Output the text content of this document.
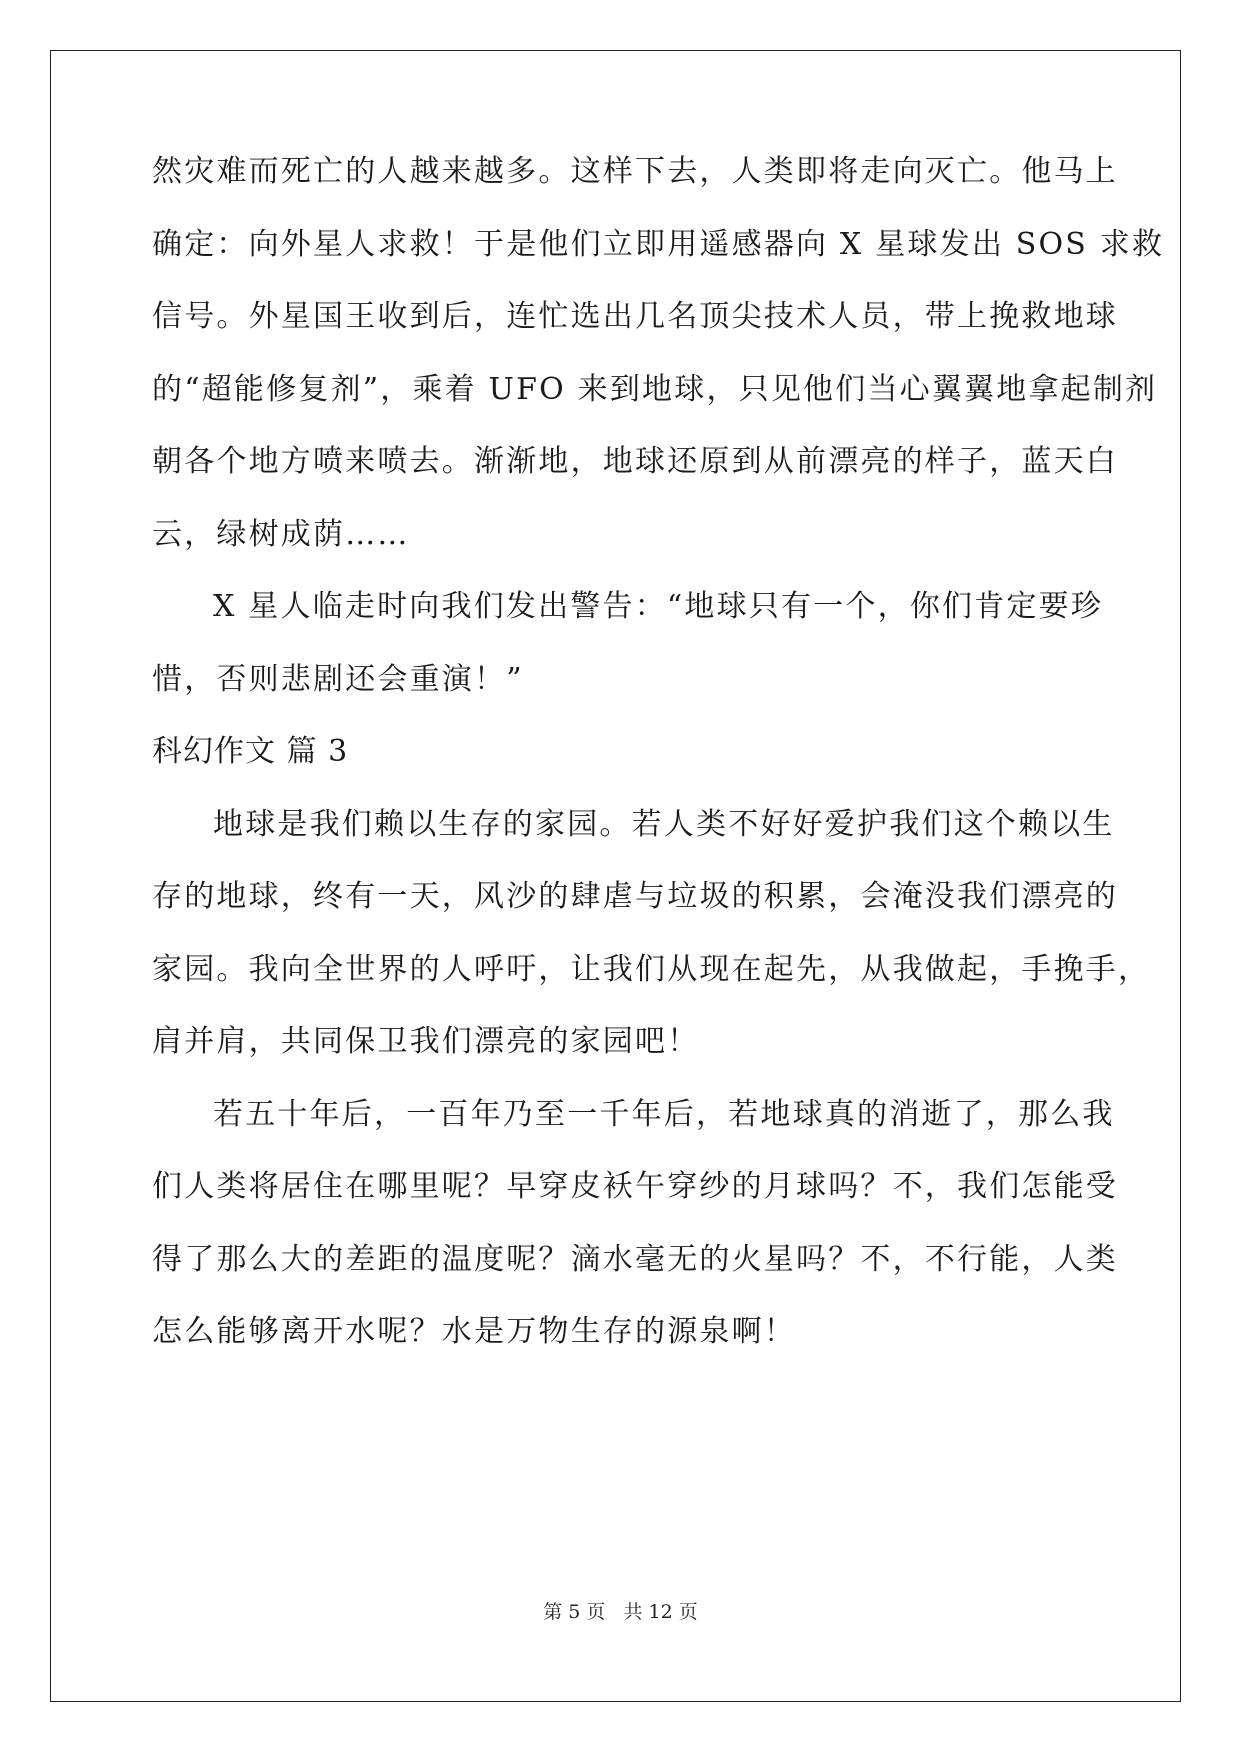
然灾难而死亡的人越来越多。这样下去，人类即将走向灭亡。他马上

确定：向外星人求救！于是他们立即用遥感器向 X 星球发出 SOS 求救

信号。外星国王收到后，连忙选出几名顶尖技术人员，带上挽救地球

的“超能修复剂”，乘着 UFO 来到地球，只见他们当心翼翼地拿起制剂

朝各个地方喷来喷去。渐渐地，地球还原到从前漂亮的样子，蓝天白

云，绿树成荫……

X 星人临走时向我们发出警告：“地球只有一个，你们肯定要珍

惜，否则悲剧还会重演！”

科幻作文 篇 3

地球是我们赖以生存的家园。若人类不好好爱护我们这个赖以生

存的地球，终有一天，风沙的肆虐与垃圾的积累，会淹没我们漂亮的

家园。我向全世界的人呼吁，让我们从现在起先，从我做起，手挽手，

肩并肩，共同保卫我们漂亮的家园吧！

若五十年后，一百年乃至一千年后，若地球真的消逝了，那么我

们人类将居住在哪里呢？早穿皮袄午穿纱的月球吗？不，我们怎能受

得了那么大的差距的温度呢？滴水毫无的火星吗？不，不行能，人类

怎么能够离开水呢？水是万物生存的源泉啊！

第 5 页 共 12 页
